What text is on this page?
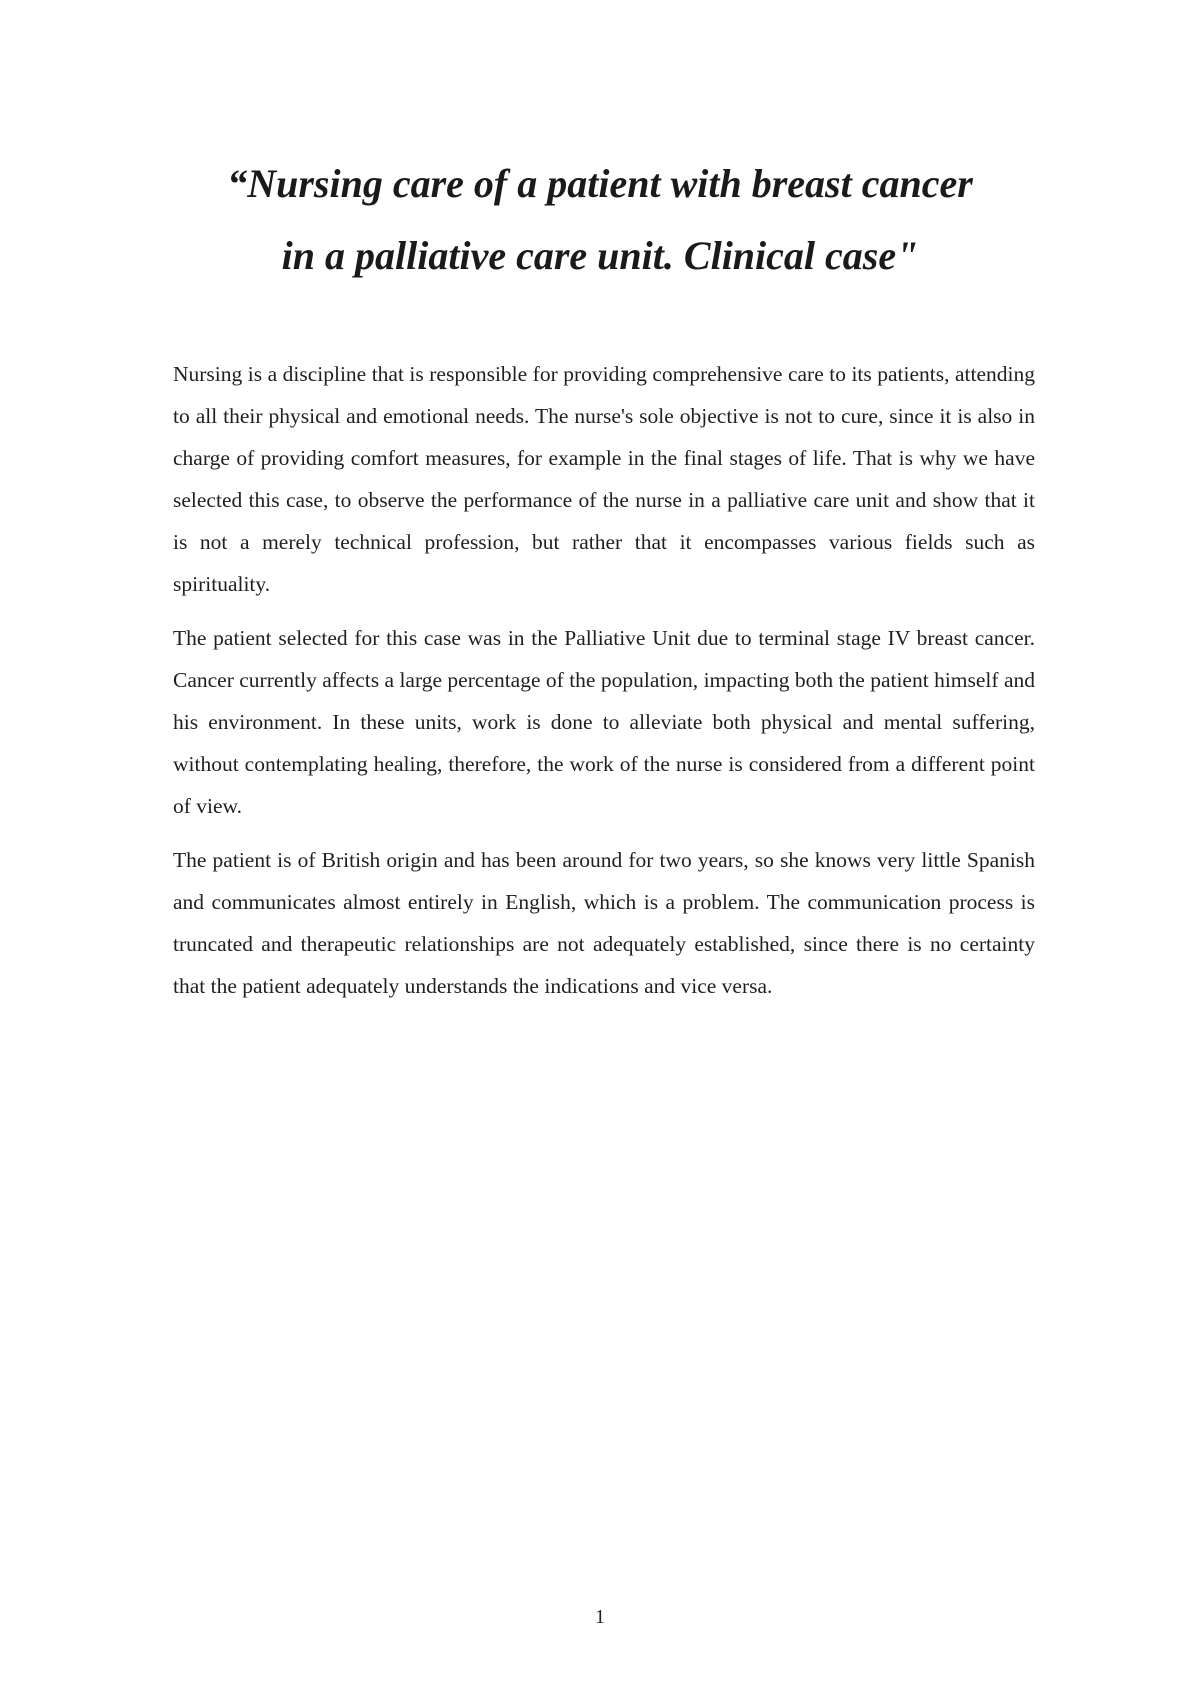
“Nursing care of a patient with breast cancer
in a palliative care unit. Clinical case"

Nursing is a discipline that is responsible for providing comprehensive care to its patients, attending to all their physical and emotional needs. The nurse's sole objective is not to cure, since it is also in charge of providing comfort measures, for example in the final stages of life. That is why we have selected this case, to observe the performance of the nurse in a palliative care unit and show that it is not a merely technical profession, but rather that it encompasses various fields such as spirituality.

The patient selected for this case was in the Palliative Unit due to terminal stage IV breast cancer. Cancer currently affects a large percentage of the population, impacting both the patient himself and his environment. In these units, work is done to alleviate both physical and mental suffering, without contemplating healing, therefore, the work of the nurse is considered from a different point of view.

The patient is of British origin and has been around for two years, so she knows very little Spanish and communicates almost entirely in English, which is a problem. The communication process is truncated and therapeutic relationships are not adequately established, since there is no certainty that the patient adequately understands the indications and vice versa.

1
